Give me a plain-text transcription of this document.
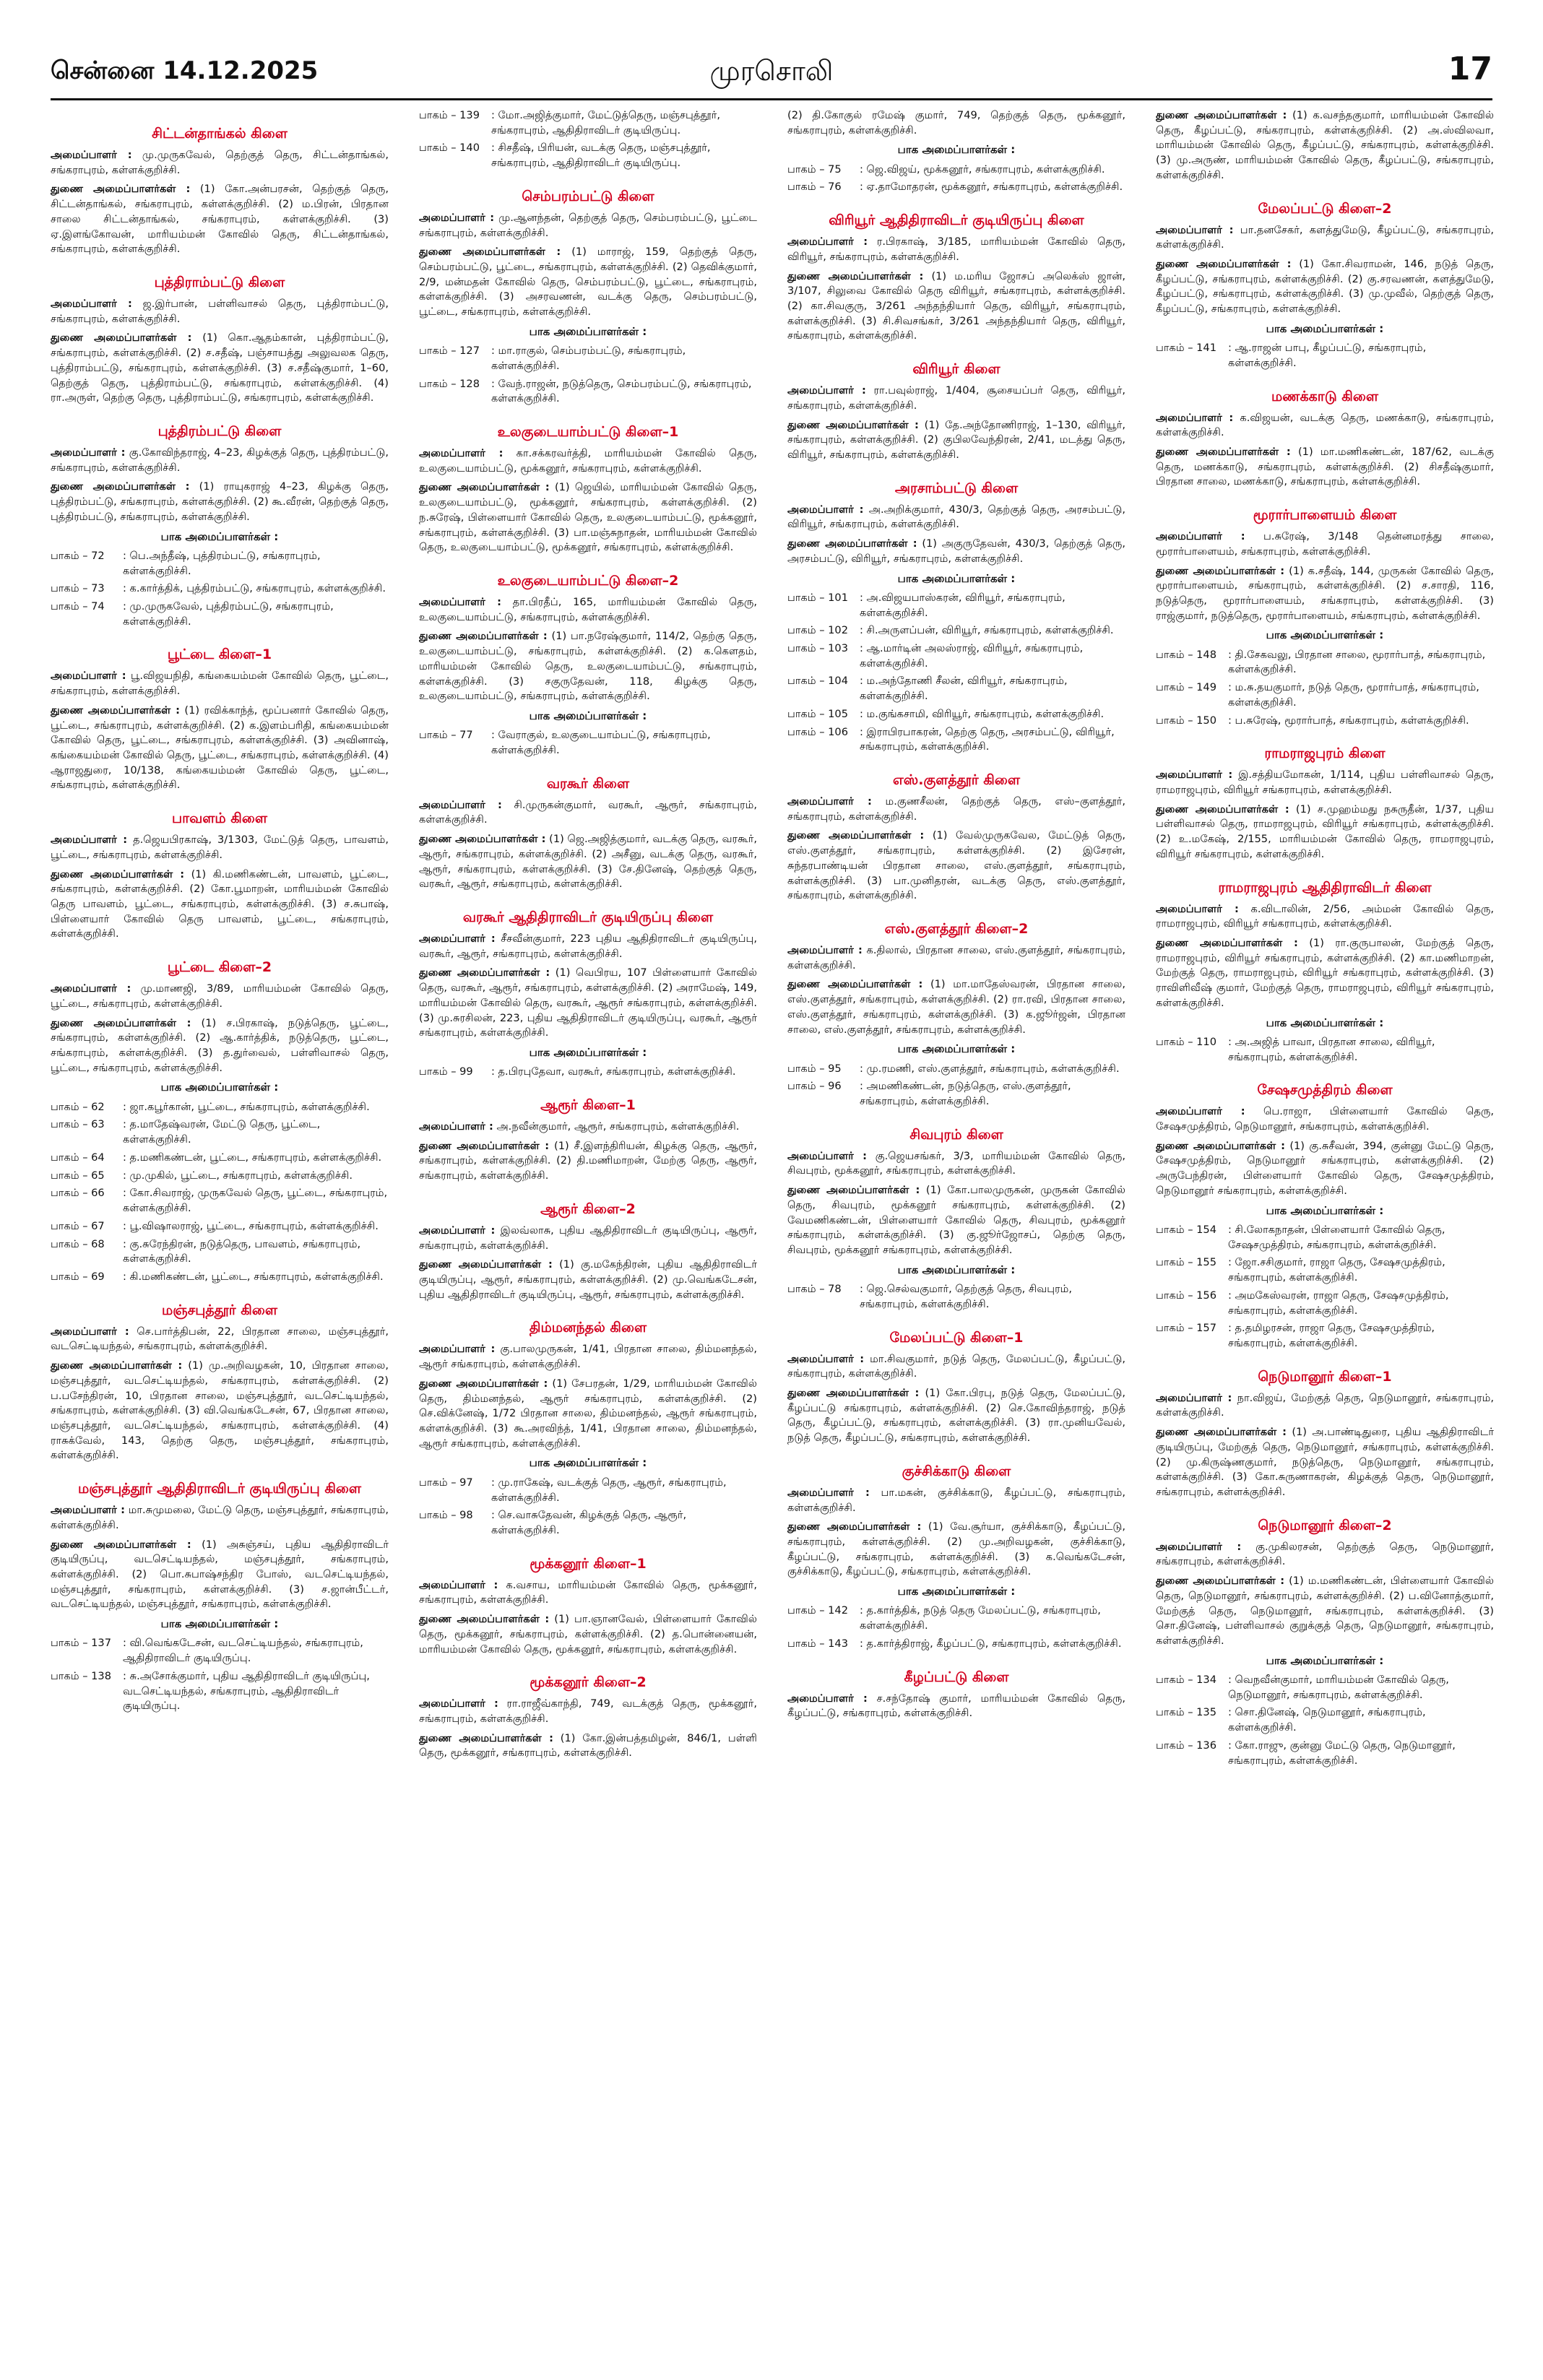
சென்னை 14.12.2025	முரசொலி	17
சிட்டன்தாங்கல் கிளை
அமைப்பாளர் : மு.முருகவேல், தெற்குத் தெரு, சிட்டன்தாங்கல், சங்கராபுரம், கள்ளக்குறிச்சி.
துணை அமைப்பாளர்கள் : (1) கோ.அன்பரசன், தெற்குத் தெரு, சிட்டன்தாங்கல், சங்கராபுரம், கள்ளக்குறிச்சி. (2) ம.பிரன், பிரதான சாலை சிட்டன்தாங்கல், சங்கராபுரம், கள்ளக்குறிச்சி. (3) ஏ.இளங்கோவன், மாரியம்மன் கோவில் தெரு, சிட்டன்தாங்கல், சங்கராபுரம், கள்ளக்குறிச்சி.
புத்திராம்பட்டு கிளை
அமைப்பாளர் : ஜ.இர்பான், பள்ளிவாசல் தெரு, புத்திராம்பட்டு, சங்கராபுரம், கள்ளக்குறிச்சி.
துணை அமைப்பாளர்கள் : (1) கொ.ஆதம்கான், புத்திராம்பட்டு, சங்கராபுரம், கள்ளக்குறிச்சி. (2) ச.சதீஷ், பஞ்சாயத்து அலுவலக தெரு, புத்திராம்பட்டு, சங்கராபுரம், கள்ளக்குறிச்சி. (3) ச.சதீஷ்குமார், 1–60, தெற்குத் தெரு, புத்திராம்பட்டு, சங்கராபுரம், கள்ளக்குறிச்சி. (4) ரா.அருள், தெற்கு தெரு, புத்திராம்பட்டு, சங்கராபுரம், கள்ளக்குறிச்சி.
புத்திரம்பட்டு கிளை
அமைப்பாளர் : கு.கோவிந்தராஜ், 4–23, கிழக்குத் தெரு, புத்திரம்பட்டு, சங்கராபுரம், கள்ளக்குறிச்சி.
துணை அமைப்பாளர்கள் : (1) ராயுகராஜ் 4–23, கிழக்கு தெரு, புத்திரம்பட்டு, சங்கராபுரம், கள்ளக்குறிச்சி. (2) கூ.வீரன், தெற்குத் தெரு, புத்திரம்பட்டு, சங்கராபுரம், கள்ளக்குறிச்சி.
பாக அமைப்பாளர்கள் :
பாகம் – 72	: பெ.அந்தீஷ், புத்திரம்பட்டு, சங்கராபுரம், கள்ளக்குறிச்சி.
பாகம் – 73	: க.கார்த்திக், புத்திரம்பட்டு, சங்கராபுரம், கள்ளக்குறிச்சி.
பாகம் – 74	: மு.முருகவேல், புத்திரம்பட்டு, சங்கராபுரம், கள்ளக்குறிச்சி.
பூட்டை கிளை–1
அமைப்பாளர் : பூ.விஜயநிதி, கங்கையம்மன் கோவில் தெரு, பூட்டை, சங்கராபுரம், கள்ளக்குறிச்சி.
துணை அமைப்பாளர்கள் : (1) ரவிக்காந்த், மூப்பனார் கோவில் தெரு, பூட்டை, சங்கராபுரம், கள்ளக்குறிச்சி. (2) க.இளம்பரிதி, கங்கையம்மன் கோவில் தெரு, பூட்டை, சங்கராபுரம், கள்ளக்குறிச்சி. (3) அவினாஷ், கங்கையம்மன் கோவில் தெரு, பூட்டை, சங்கராபுரம், கள்ளக்குறிச்சி. (4) ஆராஜதுரை, 10/138, கங்கையம்மன் கோவில் தெரு, பூட்டை, சங்கராபுரம், கள்ளக்குறிச்சி.
பாவளம் கிளை
அமைப்பாளர் : த.ஜெயபிரகாஷ், 3/1303, மேட்டுத் தெரு, பாவளம், பூட்டை, சங்கராபுரம், கள்ளக்குறிச்சி.
துணை அமைப்பாளர்கள் : (1) கி.மணிகண்டன், பாவளம், பூட்டை, சங்கராபுரம், கள்ளக்குறிச்சி. (2) கோ.பூமாறன், மாரியம்மன் கோவில் தெரு பாவளம், பூட்டை, சங்கராபுரம், கள்ளக்குறிச்சி. (3) ச.சுபாஷ், பிள்ளையார் கோவில் தெரு பாவளம், பூட்டை, சங்கராபுரம், கள்ளக்குறிச்சி.
பூட்டை கிளை–2
அமைப்பாளர் : மு.மாணஜி, 3/89, மாரியம்மன் கோவில் தெரு, பூட்டை, சங்கராபுரம், கள்ளக்குறிச்சி.
துணை அமைப்பாளர்கள் : (1) ச.பிரகாஷ், நடுத்தெரு, பூட்டை, சங்கராபுரம், கள்ளக்குறிச்சி. (2) ஆ.கார்த்திக், நடுத்தெரு, பூட்டை, சங்கராபுரம், கள்ளக்குறிச்சி. (3) த.துர்வைல், பள்ளிவாசல் தெரு, பூட்டை, சங்கராபுரம், கள்ளக்குறிச்சி.
பாக அமைப்பாளர்கள் :
பாகம் – 62	: ஜா.கபூர்கான், பூட்டை, சங்கராபுரம், கள்ளக்குறிச்சி.
பாகம் – 63	: த.மாதேஷ்வரன், மேட்டு தெரு, பூட்டை, கள்ளக்குறிச்சி.
பாகம் – 64	: த.மணிகண்டன், பூட்டை, சங்கராபுரம், கள்ளக்குறிச்சி.
பாகம் – 65	: மு.முகில், பூட்டை, சங்கராபுரம், கள்ளக்குறிச்சி.
பாகம் – 66	: கோ.சிவராஜ், முருகவேல் தெரு, பூட்டை, சங்கராபுரம், கள்ளக்குறிச்சி.
பாகம் – 67	: பூ.விஷாலராஜ், பூட்டை, சங்கராபுரம், கள்ளக்குறிச்சி.
பாகம் – 68	: கு.சுரேந்திரன், நடுத்தெரு, பாவளம், சங்கராபுரம், கள்ளக்குறிச்சி.
பாகம் – 69	: கி.மணிகண்டன், பூட்டை, சங்கராபுரம், கள்ளக்குறிச்சி.
மஞ்சபுத்தூர் கிளை
அமைப்பாளர் : செ.பார்த்திபன், 22, பிரதான சாலை, மஞ்சபுத்தூர், வடசெட்டியந்தல், சங்கராபுரம், கள்ளக்குறிச்சி.
துணை அமைப்பாளர்கள் : (1) மு.அறிவழகன், 10, பிரதான சாலை, மஞ்சபுத்தூர், வடசெட்டியந்தல், சங்கராபுரம், கள்ளக்குறிச்சி. (2) ப.பசேந்திரன், 10, பிரதான சாலை, மஞ்சபுத்தூர், வடசெட்டியந்தல், சங்கராபுரம், கள்ளக்குறிச்சி. (3) வி.வெங்கடேசன், 67, பிரதான சாலை, மஞ்சபுத்தூர், வடசெட்டியந்தல், சங்கராபுரம், கள்ளக்குறிச்சி. (4) ராசுக்வேல், 143, தெற்கு தெரு, மஞ்சபுத்தூர், சங்கராபுரம், கள்ளக்குறிச்சி.
மஞ்சபுத்தூர் ஆதிதிராவிடர் குடியிருப்பு கிளை
அமைப்பாளர் : மா.சுமுமலை, மேட்டு தெரு, மஞ்சபுத்தூர், சங்கராபுரம், கள்ளக்குறிச்சி.
துணை அமைப்பாளர்கள் : (1) அசுஞ்சய், புதிய ஆதிதிராவிடர் குடியிருப்பு, வடசெட்டியந்தல், மஞ்சபுத்தூர், சங்கராபுரம், கள்ளக்குறிச்சி. (2) பொ.சுபாஷ்சந்திர போஸ், வடசெட்டியந்தல், மஞ்சபுத்தூர், சங்கராபுரம், கள்ளக்குறிச்சி. (3) ச.ஜான்பீட்டர், வடசெட்டியந்தல், மஞ்சபுத்தூர், சங்கராபுரம், கள்ளக்குறிச்சி.
பாக அமைப்பாளர்கள் :
பாகம் – 137	: வி.வெங்கடேசன், வடசெட்டியந்தல், சங்கராபுரம், ஆதிதிராவிடர் குடியிருப்பு.
பாகம் – 138	: சு.அசோக்குமார், புதிய ஆதிதிராவிடர் குடியிருப்பு, வடசெட்டியந்தல், சங்கராபுரம், ஆதிதிராவிடர் குடியிருப்பு.
பாகம் – 139	: மோ.அஜித்குமார், மேட்டுத்தெரு, மஞ்சபுத்தூர், சங்கராபுரம், ஆதிதிராவிடர் குடியிருப்பு.
பாகம் – 140	: சிசதீஷ், பிரியன், வடக்கு தெரு, மஞ்சபுத்தூர், சங்கராபுரம், ஆதிதிராவிடர் குடியிருப்பு.
செம்பரம்பட்டு கிளை
அமைப்பாளர் : மு.ஆனந்தன், தெற்குத் தெரு, செம்பரம்பட்டு, பூட்டை சங்கராபுரம், கள்ளக்குறிச்சி.
துணை அமைப்பாளர்கள் : (1) மாராஜ், 159, தெற்குத் தெரு, செம்பரம்பட்டு, பூட்டை, சங்கராபுரம், கள்ளக்குறிச்சி. (2) தெவிக்குமார், 2/9, மன்மதன் கோவில் தெரு, செம்பரம்பட்டு, பூட்டை, சங்கராபுரம், கள்ளக்குறிச்சி. (3) அசரவணன், வடக்கு தெரு, செம்பரம்பட்டு, பூட்டை, சங்கராபுரம், கள்ளக்குறிச்சி.
பாக அமைப்பாளர்கள் :
பாகம் – 127	: மா.ராகுல், செம்பரம்பட்டு, சங்கராபுரம், கள்ளக்குறிச்சி.
பாகம் – 128	: வேந்.ராஜன், நடுத்தெரு, செம்பரம்பட்டு, சங்கராபுரம், கள்ளக்குறிச்சி.
உலகுடையாம்பட்டு கிளை–1
அமைப்பாளர் : கா.சக்கரவர்த்தி, மாரியம்மன் கோவில் தெரு, உலகுடையாம்பட்டு, மூக்கனூர், சங்கராபுரம், கள்ளக்குறிச்சி.
துணை அமைப்பாளர்கள் : (1) ஜெயில், மாரியம்மன் கோவில் தெரு, உலகுடையாம்பட்டு, மூக்கனூர், சங்கராபுரம், கள்ளக்குறிச்சி. (2) ந.சுரேஷ், பிள்ளையார் கோவில் தெரு, உலகுடையாம்பட்டு, மூக்கனூர், சங்கராபுரம், கள்ளக்குறிச்சி. (3) பா.மஞ்சுநாதன், மாரியம்மன் கோவில் தெரு, உலகுடையாம்பட்டு, மூக்கனூர், சங்கராபுரம், கள்ளக்குறிச்சி.
உலகுடையாம்பட்டு கிளை–2
அமைப்பாளர் : தா.பிரதீப், 165, மாரியம்மன் கோவில் தெரு, உலகுடையாம்பட்டு, சங்கராபுரம், கள்ளக்குறிச்சி.
துணை அமைப்பாளர்கள் : (1) பா.நரேஷ்குமார், 114/2, தெற்கு தெரு, உலகுடையாம்பட்டு, சங்கராபுரம், கள்ளக்குறிச்சி. (2) க.கௌதம், மாரியம்மன் கோவில் தெரு, உலகுடையாம்பட்டு, சங்கராபுரம், கள்ளக்குறிச்சி. (3) சகுருதேவன், 118, கிழக்கு தெரு, உலகுடையாம்பட்டு, சங்கராபுரம், கள்ளக்குறிச்சி.
பாக அமைப்பாளர்கள் :
பாகம் – 77	: வேராகுல், உலகுடையாம்பட்டு, சங்கராபுரம், கள்ளக்குறிச்சி.
வரகூர் கிளை
அமைப்பாளர் : சி.முருகன்குமார், வரகூர், ஆரூர், சங்கராபுரம், கள்ளக்குறிச்சி.
துணை அமைப்பாளர்கள் : (1) ஜெ.அஜித்குமார், வடக்கு தெரு, வரகூர், ஆரூர், சங்கராபுரம், கள்ளக்குறிச்சி. (2) அசீனு, வடக்கு தெரு, வரகூர், ஆரூர், சங்கராபுரம், கள்ளக்குறிச்சி. (3) சே.தினேஷ், தெற்குத் தெரு, வரகூர், ஆரூர், சங்கராபுரம், கள்ளக்குறிச்சி.
வரகூர் ஆதிதிராவிடர் குடியிருப்பு கிளை
அமைப்பாளர் : சீசவீன்குமார், 223 புதிய ஆதிதிராவிடர் குடியிருப்பு, வரகூர், ஆரூர், சங்கராபுரம், கள்ளக்குறிச்சி.
துணை அமைப்பாளர்கள் : (1) வெபிரய, 107 பிள்ளையார் கோவில் தெரு, வரகூர், ஆரூர், சங்கராபுரம், கள்ளக்குறிச்சி. (2) அராமேஷ், 149, மாரியம்மன் கோவில் தெரு, வரகூர், ஆரூர் சங்கராபுரம், கள்ளக்குறிச்சி. (3) மு.சுரசிலன், 223, புதிய ஆதிதிராவிடர் குடியிருப்பு, வரகூர், ஆரூர் சங்கராபுரம், கள்ளக்குறிச்சி.
பாக அமைப்பாளர்கள் :
பாகம் – 99	: த.பிரபுதேவா, வரகூர், சங்கராபுரம், கள்ளக்குறிச்சி.
ஆரூர் கிளை–1
அமைப்பாளர் : அ.நவீன்குமார், ஆரூர், சங்கராபுரம், கள்ளக்குறிச்சி.
துணை அமைப்பாளர்கள் : (1) சீ.இளந்திரியன், கிழக்கு தெரு, ஆரூர், சங்கராபுரம், கள்ளக்குறிச்சி. (2) தி.மணிமாறன், மேற்கு தெரு, ஆரூர், சங்கராபுரம், கள்ளக்குறிச்சி.
ஆரூர் கிளை–2
அமைப்பாளர் : இலவ்லாசு, புதிய ஆதிதிராவிடர் குடியிருப்பு, ஆரூர், சங்கராபுரம், கள்ளக்குறிச்சி.
துணை அமைப்பாளர்கள் : (1) கு.மகேந்திரன், புதிய ஆதிதிராவிடர் குடியிருப்பு, ஆரூர், சங்கராபுரம், கள்ளக்குறிச்சி. (2) மு.வெங்கடேசன், புதிய ஆதிதிராவிடர் குடியிருப்பு, ஆரூர், சங்கராபுரம், கள்ளக்குறிச்சி.
திம்மனந்தல் கிளை
அமைப்பாளர் : கு.பாலமுருகன், 1/41, பிரதான சாலை, திம்மனந்தல், ஆரூர் சங்கராபுரம், கள்ளக்குறிச்சி.
துணை அமைப்பாளர்கள் : (1) சேபரதன், 1/29, மாரியம்மன் கோவில் தெரு, திம்மனந்தல், ஆரூர் சங்கராபுரம், கள்ளக்குறிச்சி. (2) செ.விக்னேஷ், 1/72 பிரதான சாலை, திம்மனந்தல், ஆரூர் சங்கராபுரம், கள்ளக்குறிச்சி. (3) கூ.அரவிந்த், 1/41, பிரதான சாலை, திம்மனந்தல், ஆரூர் சங்கராபுரம், கள்ளக்குறிச்சி.
பாக அமைப்பாளர்கள் :
பாகம் – 97	: மு.ராகேஷ், வடக்குத் தெரு, ஆரூர், சங்கராபுரம், கள்ளக்குறிச்சி.
பாகம் – 98	: செ.வாசுதேவன், கிழக்குத் தெரு, ஆரூர், கள்ளக்குறிச்சி.
மூக்கனூர் கிளை–1
அமைப்பாளர் : க.வசாய, மாரியம்மன் கோவில் தெரு, மூக்கனூர், சங்கராபுரம், கள்ளக்குறிச்சி.
துணை அமைப்பாளர்கள் : (1) பா.ஞானவேல், பிள்ளையார் கோவில் தெரு, மூக்கனூர், சங்கராபுரம், கள்ளக்குறிச்சி. (2) த.பொன்னையன், மாரியம்மன் கோவில் தெரு, மூக்கனூர், சங்கராபுரம், கள்ளக்குறிச்சி.
மூக்கனூர் கிளை–2
அமைப்பாளர் : ரா.ராஜீவ்காந்தி, 749, வடக்குத் தெரு, மூக்கனூர், சங்கராபுரம், கள்ளக்குறிச்சி.
துணை அமைப்பாளர்கள் : (1) கோ.இன்பத்தமிழன், 846/1, பள்ளி தெரு, மூக்கனூர், சங்கராபுரம், கள்ளக்குறிச்சி.
(2) தி.கோகுல் ரமேஷ் குமார், 749, தெற்குத் தெரு, மூக்கனூர், சங்கராபுரம், கள்ளக்குறிச்சி.
பாக அமைப்பாளர்கள் :
பாகம் – 75	: ஜெ.விஜய், மூக்கனூர், சங்கராபுரம், கள்ளக்குறிச்சி.
பாகம் – 76	: ஏ.தாமோதரன், மூக்கனூர், சங்கராபுரம், கள்ளக்குறிச்சி.
விரியூர் ஆதிதிராவிடர் குடியிருப்பு கிளை
அமைப்பாளர் : ர.பிரகாஷ், 3/185, மாரியம்மன் கோவில் தெரு, விரியூர், சங்கராபுரம், கள்ளக்குறிச்சி.
துணை அமைப்பாளர்கள் : (1) ம.மரிய ஜோசப் அலெக்ஸ் ஜான், 3/107, சிலுவை கோவில் தெரு விரியூர், சங்கராபுரம், கள்ளக்குறிச்சி. (2) கா.சிவகுரு, 3/261 அந்தந்தியார் தெரு, விரியூர், சங்கராபுரம், கள்ளக்குறிச்சி. (3) சி.சிவசங்கர், 3/261 அந்தந்தியார் தெரு, விரியூர், சங்கராபுரம், கள்ளக்குறிச்சி.
விரியூர் கிளை
அமைப்பாளர் : ரா.பவுல்ராஜ், 1/404, சூசையப்பர் தெரு, விரியூர், சங்கராபுரம், கள்ளக்குறிச்சி.
துணை அமைப்பாளர்கள் : (1) தே.அந்தோணிராஜ், 1–130, விரியூர், சங்கராபுரம், கள்ளக்குறிச்சி. (2) குபிலவேந்திரன், 2/41, மடத்து தெரு, விரியூர், சங்கராபுரம், கள்ளக்குறிச்சி.
அரசாம்பட்டு கிளை
அமைப்பாளர் : அ.அறிக்குமார், 430/3, தெற்குத் தெரு, அரசம்பட்டு, விரியூர், சங்கராபுரம், கள்ளக்குறிச்சி.
துணை அமைப்பாளர்கள் : (1) அகுருதேவன், 430/3, தெற்குத் தெரு, அரசம்பட்டு, விரியூர், சங்கராபுரம், கள்ளக்குறிச்சி.
பாக அமைப்பாளர்கள் :
பாகம் – 101	: அ.விஜயபாஸ்கரன், விரியூர், சங்கராபுரம், கள்ளக்குறிச்சி.
பாகம் – 102	: சி.அருளப்பன், விரியூர், சங்கராபுரம், கள்ளக்குறிச்சி.
பாகம் – 103	: ஆ.மார்டின் அலஸ்ராஜ், விரியூர், சங்கராபுரம், கள்ளக்குறிச்சி.
பாகம் – 104	: ம.அந்தோணி சீலன், விரியூர், சங்கராபுரம், கள்ளக்குறிச்சி.
பாகம் – 105	: ம.குங்கசாமி, விரியூர், சங்கராபுரம், கள்ளக்குறிச்சி.
பாகம் – 106	: இராபிரபாகரன், தெற்கு தெரு, அரசம்பட்டு, விரியூர், சங்கராபுரம், கள்ளக்குறிச்சி.
எஸ்.குளத்தூர் கிளை
அமைப்பாளர் : ம.குணசீலன், தெற்குத் தெரு, எஸ்–குளத்தூர், சங்கராபுரம், கள்ளக்குறிச்சி.
துணை அமைப்பாளர்கள் : (1) வேல்முருகவேல, மேட்டுத் தெரு, எஸ்.குளத்தூர், சங்கராபுரம், கள்ளக்குறிச்சி. (2) இசேரன், சுந்தரபாண்டியன் பிரதான சாலை, எஸ்.குளத்தூர், சங்கராபுரம், கள்ளக்குறிச்சி. (3) பா.முனிதரன், வடக்கு தெரு, எஸ்.குளத்தூர், சங்கராபுரம், கள்ளக்குறிச்சி.
எஸ்.குளத்தூர் கிளை–2
அமைப்பாளர் : க.திலால், பிரதான சாலை, எஸ்.குளத்தூர், சங்கராபுரம், கள்ளக்குறிச்சி.
துணை அமைப்பாளர்கள் : (1) மா.மாதேஸ்வரன், பிரதான சாலை, எஸ்.குளத்தூர், சங்கராபுரம், கள்ளக்குறிச்சி. (2) ரா.ரவி, பிரதான சாலை, எஸ்.குளத்தூர், சங்கராபுரம், கள்ளக்குறிச்சி. (3) க.ஜூர்ஜன், பிரதான சாலை, எஸ்.குளத்தூர், சங்கராபுரம், கள்ளக்குறிச்சி.
பாக அமைப்பாளர்கள் :
பாகம் – 95	: மு.ரமணி, எஸ்.குளத்தூர், சங்கராபுரம், கள்ளக்குறிச்சி.
பாகம் – 96	: அமணிகண்டன், நடுத்தெரு, எஸ்.குளத்தூர், சங்கராபுரம், கள்ளக்குறிச்சி.
சிவபுரம் கிளை
அமைப்பாளர் : கு.ஜெயசங்கர், 3/3, மாரியம்மன் கோவில் தெரு, சிவபுரம், மூக்கனூர், சங்கராபுரம், கள்ளக்குறிச்சி.
துணை அமைப்பாளர்கள் : (1) கோ.பாலமுருகன், முருகன் கோவில் தெரு, சிவபுரம், மூக்கனூர் சங்கராபுரம், கள்ளக்குறிச்சி. (2) வேமணிகண்டன், பிள்ளையார் கோவில் தெரு, சிவபுரம், மூக்கனூர் சங்கராபுரம், கள்ளக்குறிச்சி. (3) கு.ஜூர்ஜோசப், தெற்கு தெரு, சிவபுரம், மூக்கனூர் சங்கராபுரம், கள்ளக்குறிச்சி.
பாக அமைப்பாளர்கள் :
பாகம் – 78	: ஜெ.செல்வகுமார், தெற்குத் தெரு, சிவபுரம், சங்கராபுரம், கள்ளக்குறிச்சி.
மேலப்பட்டு கிளை–1
அமைப்பாளர் : மா.சிவகுமார், நடுத் தெரு, மேலப்பட்டு, கீழப்பட்டு, சங்கராபுரம், கள்ளக்குறிச்சி.
துணை அமைப்பாளர்கள் : (1) கோ.பிரபு, நடுத் தெரு, மேலப்பட்டு, கீழப்பட்டு சங்கராபுரம், கள்ளக்குறிச்சி. (2) செ.கோவிந்தராஜ், நடுத் தெரு, கீழப்பட்டு, சங்கராபுரம், கள்ளக்குறிச்சி. (3) ரா.முனியவேல், நடுத் தெரு, கீழப்பட்டு, சங்கராபுரம், கள்ளக்குறிச்சி.
குச்சிக்காடு கிளை
அமைப்பாளர் : பா.மகன், குச்சிக்காடு, கீழப்பட்டு, சங்கராபுரம், கள்ளக்குறிச்சி.
துணை அமைப்பாளர்கள் : (1) வே.சூர்யா, குச்சிக்காடு, கீழப்பட்டு, சங்கராபுரம், கள்ளக்குறிச்சி. (2) மு.அறிவழகன், குச்சிக்காடு, கீழப்பட்டு, சங்கராபுரம், கள்ளக்குறிச்சி. (3) க.வெங்கடேசன், குச்சிக்காடு, கீழப்பட்டு, சங்கராபுரம், கள்ளக்குறிச்சி.
பாக அமைப்பாளர்கள் :
பாகம் – 142	: த.கார்த்திக், நடுத் தெரு மேலப்பட்டு, சங்கராபுரம், கள்ளக்குறிச்சி.
பாகம் – 143	: த.கார்த்திராஜ், கீழப்பட்டு, சங்கராபுரம், கள்ளக்குறிச்சி.
கீழப்பட்டு கிளை
அமைப்பாளர் : ச.சந்தோஷ் குமார், மாரியம்மன் கோவில் தெரு, கீழப்பட்டு, சங்கராபுரம், கள்ளக்குறிச்சி.
துணை அமைப்பாளர்கள் : (1) க.வசந்தகுமார், மாரியம்மன் கோவில் தெரு, கீழப்பட்டு, சங்கராபுரம், கள்ளக்குறிச்சி. (2) அ.ஸ்விலவா, மாரியம்மன் கோவில் தெரு, கீழப்பட்டு, சங்கராபுரம், கள்ளக்குறிச்சி. (3) மு.அருண், மாரியம்மன் கோவில் தெரு, கீழப்பட்டு, சங்கராபுரம், கள்ளக்குறிச்சி.
மேலப்பட்டு கிளை–2
அமைப்பாளர் : பா.தனசேகர், களத்துமேடு, கீழப்பட்டு, சங்கராபுரம், கள்ளக்குறிச்சி.
துணை அமைப்பாளர்கள் : (1) கோ.சிவராமன், 146, நடுத் தெரு, கீழப்பட்டு, சங்கராபுரம், கள்ளக்குறிச்சி. (2) கு.சரவணன், களத்துமேடு, கீழப்பட்டு, சங்கராபுரம், கள்ளக்குறிச்சி. (3) மு.முவீல், தெற்குத் தெரு, கீழப்பட்டு, சங்கராபுரம், கள்ளக்குறிச்சி.
பாக அமைப்பாளர்கள் :
பாகம் – 141	: ஆ.ராஜன் பாபு, கீழப்பட்டு, சங்கராபுரம், கள்ளக்குறிச்சி.
மணக்காடு கிளை
அமைப்பாளர் : க.விஜயன், வடக்கு தெரு, மணக்காடு, சங்கராபுரம், கள்ளக்குறிச்சி.
துணை அமைப்பாளர்கள் : (1) மா.மணிகண்டன், 187/62, வடக்கு தெரு, மணக்காடு, சங்கராபுரம், கள்ளக்குறிச்சி. (2) சிசதீஷ்குமார், பிரதான சாலை, மணக்காடு, சங்கராபுரம், கள்ளக்குறிச்சி.
மூரார்பாளையம் கிளை
அமைப்பாளர் : ப.சுரேஷ், 3/148 தென்னமரத்து சாலை, மூரார்பாளையம், சங்கராபுரம், கள்ளக்குறிச்சி.
துணை அமைப்பாளர்கள் : (1) க.சதீஷ், 144, முருகன் கோவில் தெரு, மூரார்பாளையம், சங்கராபுரம், கள்ளக்குறிச்சி. (2) ச.சாரதி, 116, நடுத்தெரு, மூரார்பாளையம், சங்கராபுரம், கள்ளக்குறிச்சி. (3) ராஜ்குமார், நடுத்தெரு, மூரார்பாளையம், சங்கராபுரம், கள்ளக்குறிச்சி.
பாக அமைப்பாளர்கள் :
பாகம் – 148	: தி.சேகவலு, பிரதான சாலை, மூரார்பாத், சங்கராபுரம், கள்ளக்குறிச்சி.
பாகம் – 149	: ம.சு.தயகுமார், நடுத் தெரு, மூரார்பாத், சங்கராபுரம், கள்ளக்குறிச்சி.
பாகம் – 150	: ப.சுரேஷ், மூரார்பாத், சங்கராபுரம், கள்ளக்குறிச்சி.
ராமராஜபுரம் கிளை
அமைப்பாளர் : இ.சத்தியமோகன், 1/114, புதிய பள்ளிவாசல் தெரு, ராமராஜபுரம், விரியூர் சங்கராபுரம், கள்ளக்குறிச்சி.
துணை அமைப்பாளர்கள் : (1) ச.முஹம்மது நசுருதீன், 1/37, புதிய பள்ளிவாசல் தெரு, ராமராஜபுரம், விரியூர் சங்கராபுரம், கள்ளக்குறிச்சி. (2) உ.மகேஷ், 2/155, மாரியம்மன் கோவில் தெரு, ராமராஜபுரம், விரியூர் சங்கராபுரம், கள்ளக்குறிச்சி.
ராமராஜபுரம் ஆதிதிராவிடர் கிளை
அமைப்பாளர் : க.விடாலின், 2/56, அம்மன் கோவில் தெரு, ராமராஜபுரம், விரியூர் சங்கராபுரம், கள்ளக்குறிச்சி.
துணை அமைப்பாளர்கள் : (1) ரா.குருபாலன், மேற்குத் தெரு, ராமராஜபுரம், விரியூர் சங்கராபுரம், கள்ளக்குறிச்சி. (2) கா.மணிமாறன், மேற்குத் தெரு, ராமராஜபுரம், விரியூர் சங்கராபுரம், கள்ளக்குறிச்சி. (3) ராவிளிவீஷ் குமார், மேற்குத் தெரு, ராமராஜபுரம், விரியூர் சங்கராபுரம், கள்ளக்குறிச்சி.
பாக அமைப்பாளர்கள் :
பாகம் – 110	: அ.அஜித் பாவா, பிரதான சாலை, விரியூர், சங்கராபுரம், கள்ளக்குறிச்சி.
சேஷசமுத்திரம் கிளை
அமைப்பாளர் : பெ.ராஜா, பிள்ளையார் கோவில் தெரு, சேஷசமுத்திரம், நெடுமானூர், சங்கராபுரம், கள்ளக்குறிச்சி.
துணை அமைப்பாளர்கள் : (1) கு.சுசீவன், 394, குன்னு மேட்டு தெரு, சேஷசமுத்திரம், நெடுமானூர் சங்கராபுரம், கள்ளக்குறிச்சி. (2) அருபேந்திரன், பிள்ளையார் கோவில் தெரு, சேஷசமுத்திரம், நெடுமானூர் சங்கராபுரம், கள்ளக்குறிச்சி.
பாக அமைப்பாளர்கள் :
பாகம் – 154	: சி.லோகநாதன், பிள்ளையார் கோவில் தெரு, சேஷசமுத்திரம், சங்கராபுரம், கள்ளக்குறிச்சி.
பாகம் – 155	: ஜோ.சசிகுமார், ராஜா தெரு, சேஷசமுத்திரம், சங்கராபுரம், கள்ளக்குறிச்சி.
பாகம் – 156	: அமகேஸ்வரன், ராஜா தெரு, சேஷசமுத்திரம், சங்கராபுரம், கள்ளக்குறிச்சி.
பாகம் – 157	: த.தமிழரசன், ராஜா தெரு, சேஷசமுத்திரம், சங்கராபுரம், கள்ளக்குறிச்சி.
நெடுமானூர் கிளை–1
அமைப்பாளர் : நா.விஜய், மேற்குத் தெரு, நெடுமானூர், சங்கராபுரம், கள்ளக்குறிச்சி.
துணை அமைப்பாளர்கள் : (1) அ.பாண்டிதுரை, புதிய ஆதிதிராவிடர் குடியிருப்பு, மேற்குத் தெரு, நெடுமானூர், சங்கராபுரம், கள்ளக்குறிச்சி. (2) மு.கிருஷ்ணகுமார், நடுத்தெரு, நெடுமானூர், சங்கராபுரம், கள்ளக்குறிச்சி. (3) கோ.சுருணாகரன், கிழக்குத் தெரு, நெடுமானூர், சங்கராபுரம், கள்ளக்குறிச்சி.
நெடுமானூர் கிளை–2
அமைப்பாளர் : கு.முகிலரசன், தெற்குத் தெரு, நெடுமானூர், சங்கராபுரம், கள்ளக்குறிச்சி.
துணை அமைப்பாளர்கள் : (1) ம.மணிகண்டன், பிள்ளையார் கோவில் தெரு, நெடுமானூர், சங்கராபுரம், கள்ளக்குறிச்சி. (2) ப.வினோத்குமார், மேற்குத் தெரு, நெடுமானூர், சங்கராபுரம், கள்ளக்குறிச்சி. (3) சொ.தினேஷ், பள்ளிவாசல் குறுக்குத் தெரு, நெடுமானூர், சங்கராபுரம், கள்ளக்குறிச்சி.
பாக அமைப்பாளர்கள் :
பாகம் – 134	: வெநவீன்குமார், மாரியம்மன் கோவில் தெரு, நெடுமானூர், சங்கராபுரம், கள்ளக்குறிச்சி.
பாகம் – 135	: சொ.தினேஷ், நெடுமானூர், சங்கராபுரம், கள்ளக்குறிச்சி.
பாகம் – 136	: கோ.ராஜு, குன்னு மேட்டு தெரு, நெடுமானூர், சங்கராபுரம், கள்ளக்குறிச்சி.
